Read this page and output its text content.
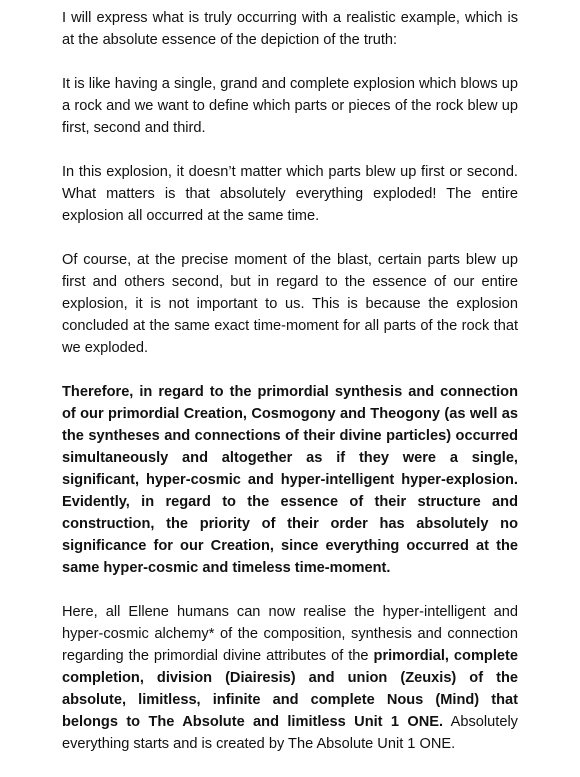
I will express what is truly occurring with a realistic example, which is at the absolute essence of the depiction of the truth:

It is like having a single, grand and complete explosion which blows up a rock and we want to define which parts or pieces of the rock blew up first, second and third.

In this explosion, it doesn’t matter which parts blew up first or second. What matters is that absolutely everything exploded! The entire explosion all occurred at the same time.

Of course, at the precise moment of the blast, certain parts blew up first and others second, but in regard to the essence of our entire explosion, it is not important to us. This is because the explosion concluded at the same exact time-moment for all parts of the rock that we exploded.

Therefore, in regard to the primordial synthesis and connection of our primordial Creation, Cosmogony and Theogony (as well as the syntheses and connections of their divine particles) occurred simultaneously and altogether as if they were a single, significant, hyper-cosmic and hyper-intelligent hyper-explosion. Evidently, in regard to the essence of their structure and construction, the priority of their order has absolutely no significance for our Creation, since everything occurred at the same hyper-cosmic and timeless time-moment.

Here, all Ellene humans can now realise the hyper-intelligent and hyper-cosmic alchemy* of the composition, synthesis and connection regarding the primordial divine attributes of the primordial, complete completion, division (Diairesis) and union (Zeuxis) of the absolute, limitless, infinite and complete Nous (Mind) that belongs to The Absolute and limitless Unit 1 ONE. Absolutely everything starts and is created by The Absolute Unit 1 ONE.
